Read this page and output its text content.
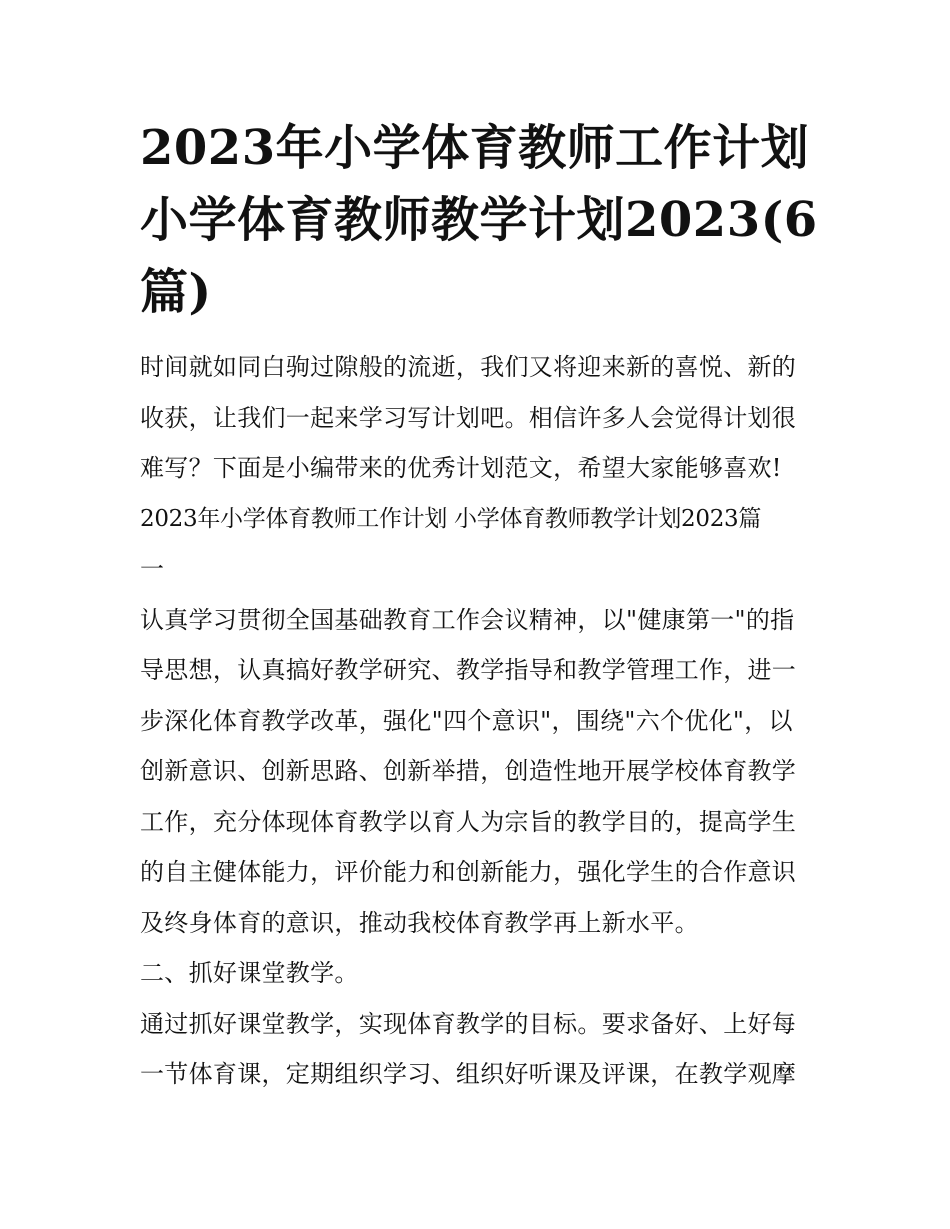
2023年小学体育教师工作计划
小学体育教师教学计划2023(6
篇)

时间就如同白驹过隙般的流逝，我们又将迎来新的喜悦、新的
收获，让我们一起来学习写计划吧。相信许多人会觉得计划很
难写？下面是小编带来的优秀计划范文，希望大家能够喜欢!

2023年小学体育教师工作计划 小学体育教师教学计划2023篇
一

认真学习贯彻全国基础教育工作会议精神，以"健康第一"的指
导思想，认真搞好教学研究、教学指导和教学管理工作，进一
步深化体育教学改革，强化"四个意识"，围绕"六个优化"，以
创新意识、创新思路、创新举措，创造性地开展学校体育教学
工作，充分体现体育教学以育人为宗旨的教学目的，提高学生
的自主健体能力，评价能力和创新能力，强化学生的合作意识
及终身体育的意识，推动我校体育教学再上新水平。

二、抓好课堂教学。

通过抓好课堂教学，实现体育教学的目标。要求备好、上好每
一节体育课，定期组织学习、组织好听课及评课，在教学观摩
